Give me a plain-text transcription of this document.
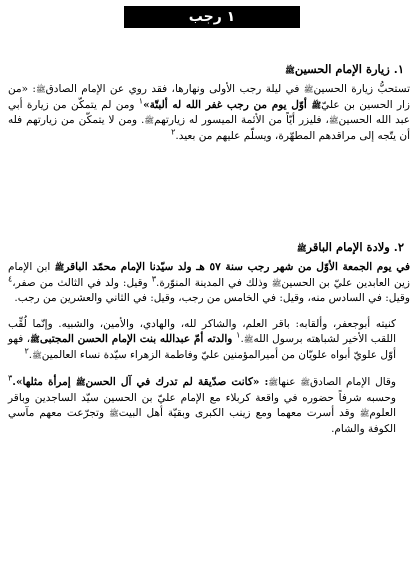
١ رجب
١. زيارة الإمام الحسينﷺ

تستحبُّ زيارة الحسينﷺ في ليلة رجب الأولى ونهارها، فقد روي عن الإمام الصادقﷺ: «من زار الحسين بن عليّﷺ أوّل يوم من رجب غفر الله له ألبتّة»$^١$ ومن لم يتمكّن من زيارة أبي عبد الله الحسينﷺ، فليزر أيّاً من الأئمة الميسور له زيارتهمﷺ. ومن لا يتمكّن من زيارتهم فله أن يتّجه إلى مراقدهم المطهّرة، ويسلّم عليهم من بعيد.$^٢$

٢. ولادة الإمام الباقرﷺ

في يوم الجمعة الأوّل من شهر رجب سنة ٥٧ هـ ولد سيّدنا الإمام محمّد الباقرﷺ ابن الإمام زين العابدين عليّ بن الحسينﷺ وذلك في المدينة المنوّرة.$^٣$ وقيل: ولد في الثالث من صفر،$^٤$ وقيل: في السادس منه، وقيل: في الخامس من رجب، وقيل: في الثاني والعشرين من رجب.

كنيته أبوجعفر، وألقابه: باقر العلم، والشاكر لله، والهادي، والأمين، والشبيه. وإنّما لُقِّب اللقب الأخير لشباهته برسول اللهﷺ.$^١$ والدته أمّ عبدالله بنت الإمام الحسن المجتبىﷺ، فهو أوّل علويّ أبواه علويّان من أميرالمؤمنين عليّ وفاطمة الزهراء سيّدة نساء العالمينﷺ.$^٢$

وقال الإمام الصادقﷺ عنهاﷺ: «كانت صدّيقة لم تدرك في آل الحسنﷺ إمرأة مثلها».$^٣$ وحسبه شرفاً حضوره في واقعة كربلاء مع الإمام عليّ بن الحسين سيّد الساجدين وباقر العلومﷺ وقد أسرت معهما ومع زينب الكبرى وبقيّة أهل البيتﷺ وتجرّعت معهم مآسي الكوفة والشام.
